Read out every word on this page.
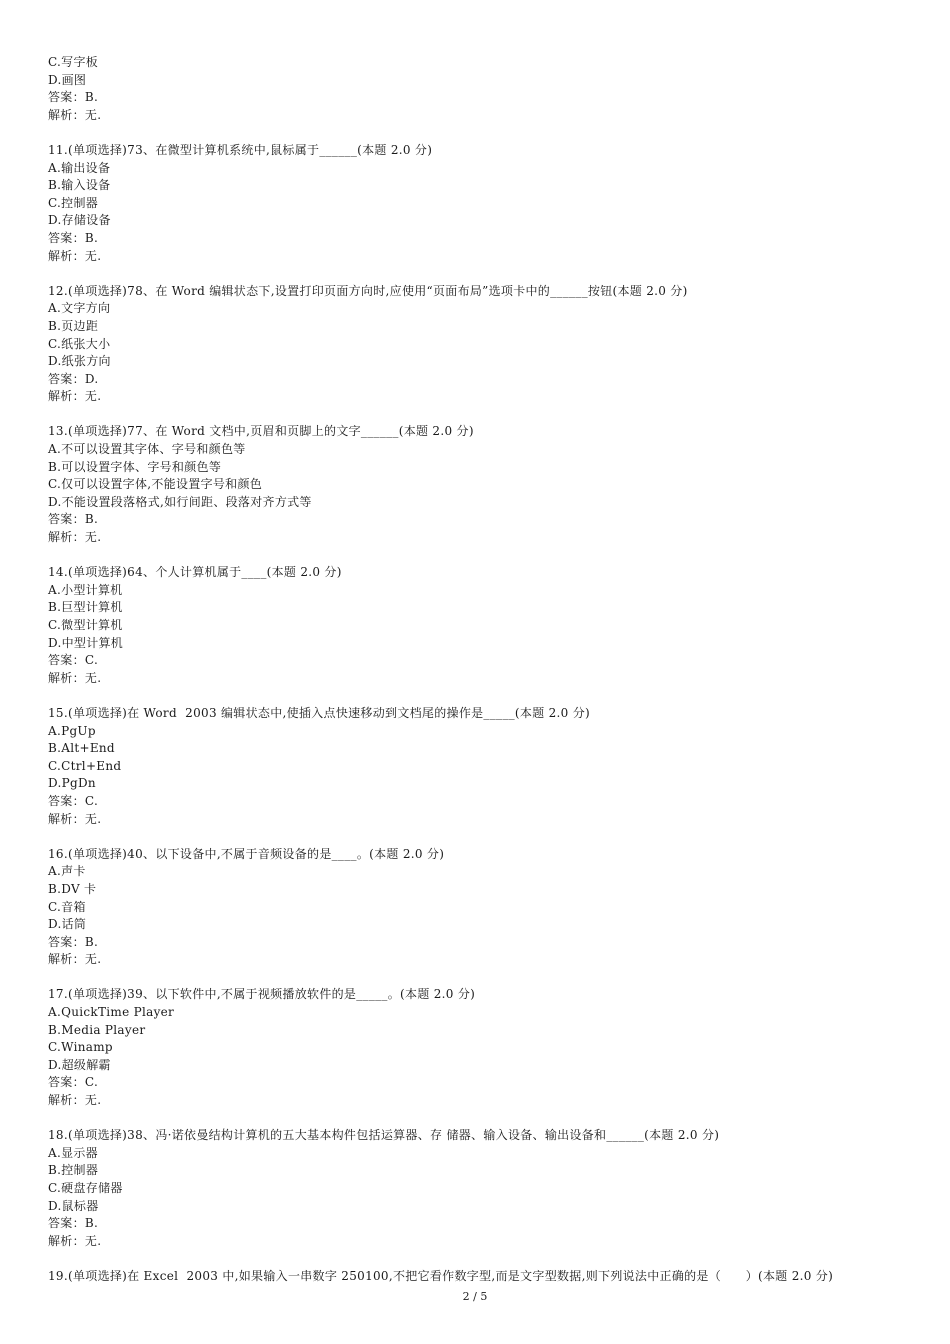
C.写字板
D.画图
答案：B.
解析：无.
11.(单项选择)73、在微型计算机系统中,鼠标属于______(本题 2.0 分)
A.输出设备
B.输入设备
C.控制器
D.存储设备
答案：B.
解析：无.
12.(单项选择)78、在 Word 编辑状态下,设置打印页面方向时,应使用“页面布局”选项卡中的______按钮(本题 2.0 分)
A.文字方向
B.页边距
C.纸张大小
D.纸张方向
答案：D.
解析：无.
13.(单项选择)77、在 Word 文档中,页眉和页脚上的文字______(本题 2.0 分)
A.不可以设置其字体、字号和颜色等
B.可以设置字体、字号和颜色等
C.仅可以设置字体,不能设置字号和颜色
D.不能设置段落格式,如行间距、段落对齐方式等
答案：B.
解析：无.
14.(单项选择)64、个人计算机属于____(本题 2.0 分)
A.小型计算机
B.巨型计算机
C.微型计算机
D.中型计算机
答案：C.
解析：无.
15.(单项选择)在 Word  2003 编辑状态中,使插入点快速移动到文档尾的操作是_____(本题 2.0 分)
A.PgUp
B.Alt+End
C.Ctrl+End
D.PgDn
答案：C.
解析：无.
16.(单项选择)40、以下设备中,不属于音频设备的是____。(本题 2.0 分)
A.声卡
B.DV 卡
C.音箱
D.话筒
答案：B.
解析：无.
17.(单项选择)39、以下软件中,不属于视频播放软件的是_____。(本题 2.0 分)
A.QuickTime Player
B.Media Player
C.Winamp
D.超级解霸
答案：C.
解析：无.
18.(单项选择)38、冯·诺依曼结构计算机的五大基本构件包括运算器、存 储器、输入设备、输出设备和______(本题 2.0 分)
A.显示器
B.控制器
C.硬盘存储器
D.鼠标器
答案：B.
解析：无.
19.(单项选择)在 Excel  2003 中,如果输入一串数字 250100,不把它看作数字型,而是文字型数据,则下列说法中正确的是（      ）(本题 2.0 分)
2 / 5
